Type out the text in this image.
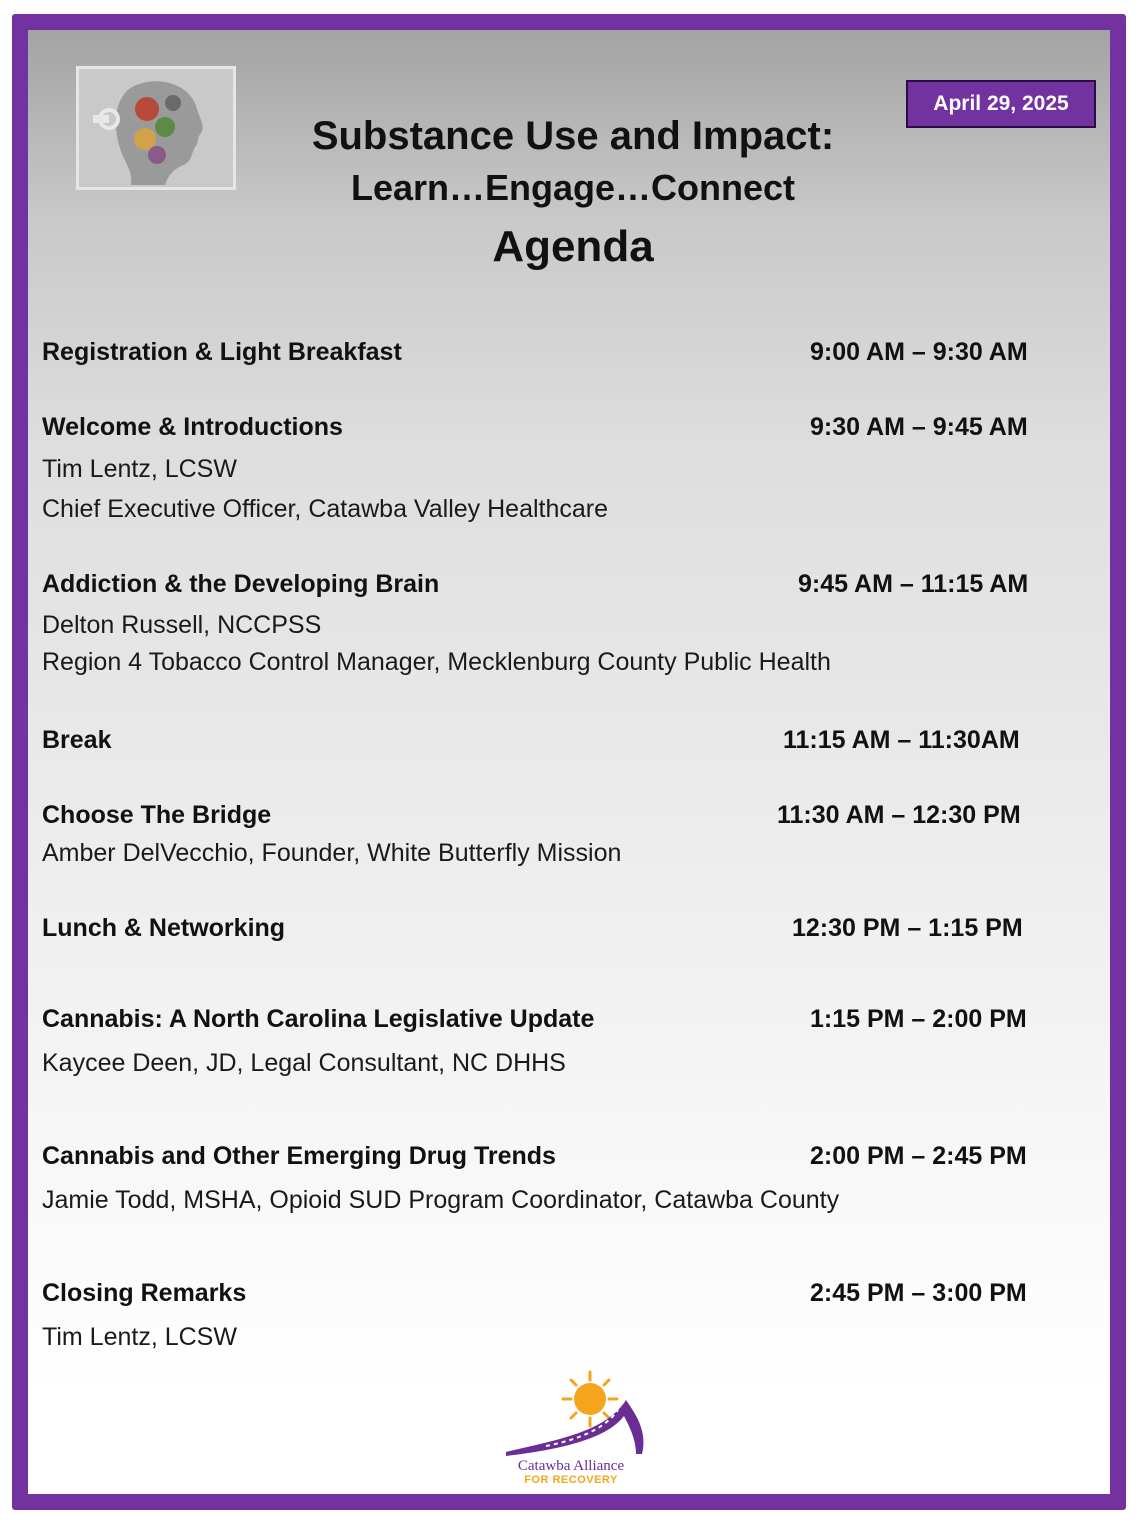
April 29, 2025
Substance Use and Impact:
Learn…Engage…Connect
Agenda
Registration & Light Breakfast	9:00 AM – 9:30 AM
Welcome & Introductions	9:30 AM – 9:45 AM
Tim Lentz, LCSW
Chief Executive Officer, Catawba Valley Healthcare
Addiction & the Developing Brain	9:45 AM – 11:15 AM
Delton Russell, NCCPSS
Region 4 Tobacco Control Manager, Mecklenburg County Public Health
Break	11:15 AM – 11:30AM
Choose The Bridge	11:30 AM – 12:30 PM
Amber DelVecchio, Founder, White Butterfly Mission
Lunch & Networking	12:30 PM – 1:15 PM
Cannabis: A North Carolina Legislative Update	1:15 PM – 2:00 PM
Kaycee Deen, JD, Legal Consultant, NC DHHS
Cannabis and Other Emerging Drug Trends	2:00 PM – 2:45 PM
Jamie Todd, MSHA, Opioid SUD Program Coordinator, Catawba County
Closing Remarks	2:45 PM – 3:00 PM
Tim Lentz, LCSW
Catawba Alliance
FOR RECOVERY
